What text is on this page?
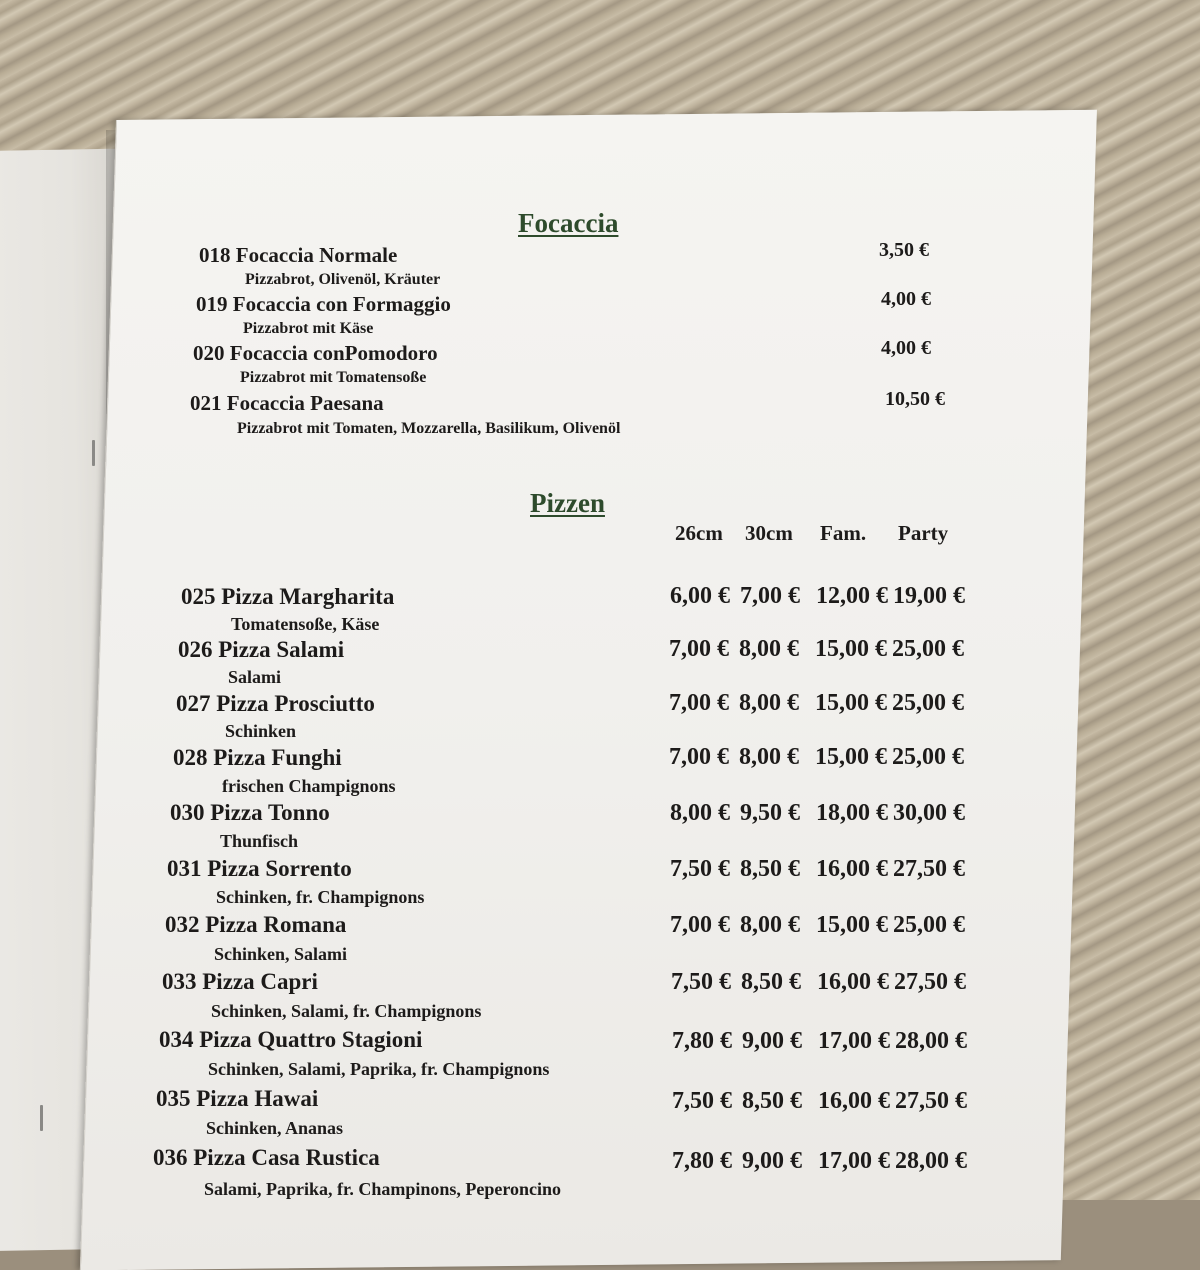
Focaccia
Pizzen
26cm	30cm	Fam.	Party
018 Focaccia Normale
Pizzabrot, Olivenöl, Kräuter
3,50 €
019 Focaccia con Formaggio
Pizzabrot mit Käse
4,00 €
020 Focaccia conPomodoro
Pizzabrot mit Tomatensoße
4,00 €
021 Focaccia Paesana
Pizzabrot mit Tomaten, Mozzarella, Basilikum, Olivenöl
10,50 €
025 Pizza Margharita
Tomatensoße, Käse
6,00 € 7,00 € 12,00 € 19,00 €
026 Pizza Salami
Salami
7,00 € 8,00 € 15,00 € 25,00 €
027 Pizza Prosciutto
Schinken
7,00 € 8,00 € 15,00 € 25,00 €
028 Pizza Funghi
frischen Champignons
7,00 € 8,00 € 15,00 € 25,00 €
030 Pizza Tonno
Thunfisch
8,00 € 9,50 € 18,00 € 30,00 €
031 Pizza Sorrento
Schinken, fr. Champignons
7,50 € 8,50 € 16,00 € 27,50 €
032 Pizza Romana
Schinken, Salami
7,00 € 8,00 € 15,00 € 25,00 €
033 Pizza Capri
Schinken, Salami, fr. Champignons
7,50 € 8,50 € 16,00 € 27,50 €
034 Pizza Quattro Stagioni
Schinken, Salami, Paprika, fr. Champignons
7,80 € 9,00 € 17,00 € 28,00 €
035 Pizza Hawai
Schinken, Ananas
7,50 € 8,50 € 16,00 € 27,50 €
036 Pizza Casa Rustica
Salami, Paprika, fr. Champinons, Peperoncino
7,80 € 9,00 € 17,00 € 28,00 €
